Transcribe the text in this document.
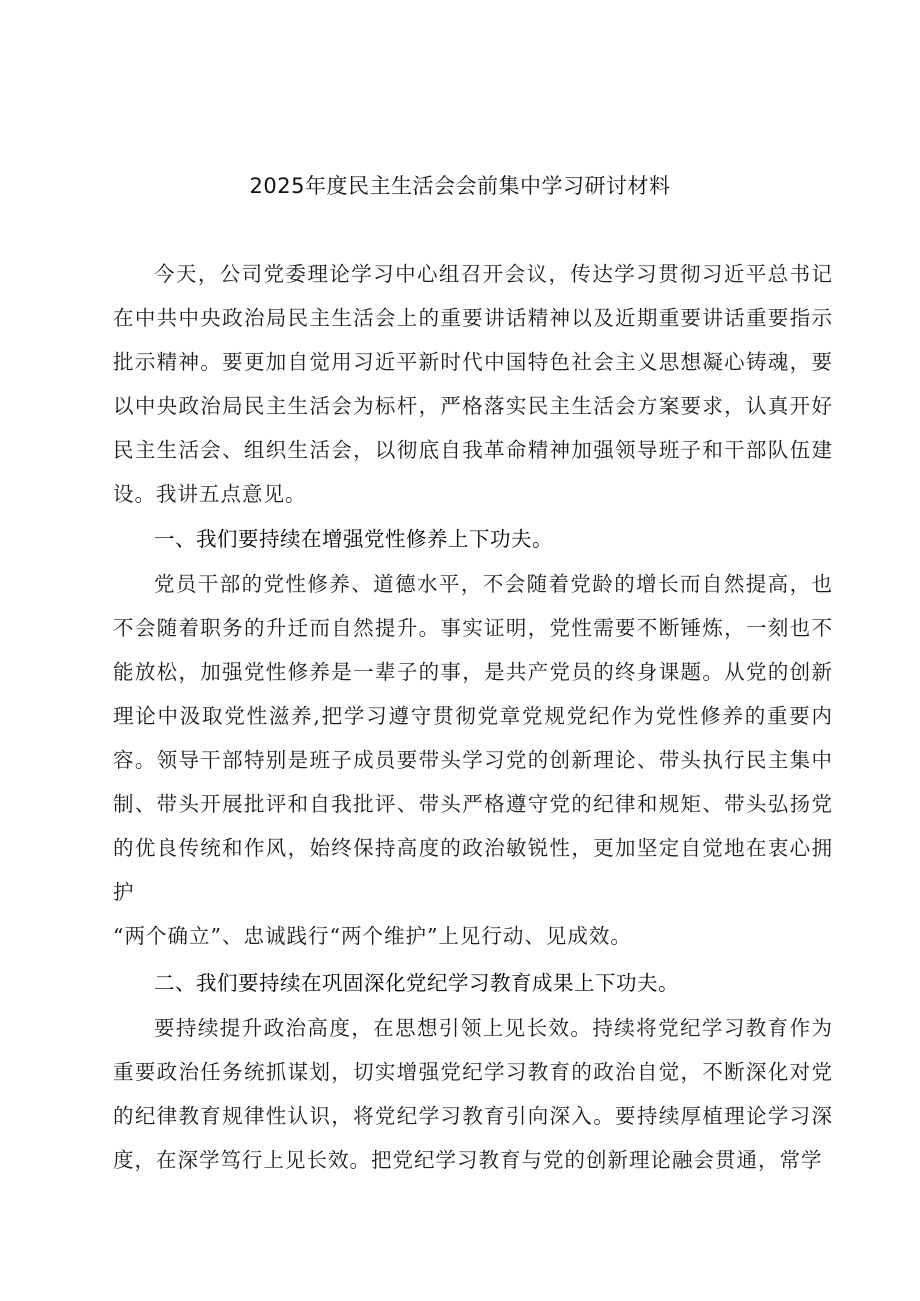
2025年度民主生活会会前集中学习研讨材料

今天，公司党委理论学习中心组召开会议，传达学习贯彻习近平总书记在中共中央政治局民主生活会上的重要讲话精神以及近期重要讲话重要指示批示精神。要更加自觉用习近平新时代中国特色社会主义思想凝心铸魂，要以中央政治局民主生活会为标杆，严格落实民主生活会方案要求，认真开好民主生活会、组织生活会，以彻底自我革命精神加强领导班子和干部队伍建设。我讲五点意见。

一、我们要持续在增强党性修养上下功夫。

党员干部的党性修养、道德水平，不会随着党龄的增长而自然提高，也不会随着职务的升迁而自然提升。事实证明，党性需要不断锤炼，一刻也不能放松，加强党性修养是一辈子的事，是共产党员的终身课题。从党的创新理论中汲取党性滋养,把学习遵守贯彻党章党规党纪作为党性修养的重要内容。领导干部特别是班子成员要带头学习党的创新理论、带头执行民主集中制、带头开展批评和自我批评、带头严格遵守党的纪律和规矩、带头弘扬党的优良传统和作风，始终保持高度的政治敏锐性，更加坚定自觉地在衷心拥护

“两个确立”、忠诚践行“两个维护”上见行动、见成效。

二、我们要持续在巩固深化党纪学习教育成果上下功夫。

要持续提升政治高度，在思想引领上见长效。持续将党纪学习教育作为重要政治任务统抓谋划，切实增强党纪学习教育的政治自觉，不断深化对党的纪律教育规律性认识，将党纪学习教育引向深入。要持续厚植理论学习深度，在深学笃行上见长效。把党纪学习教育与党的创新理论融会贯通，常学
